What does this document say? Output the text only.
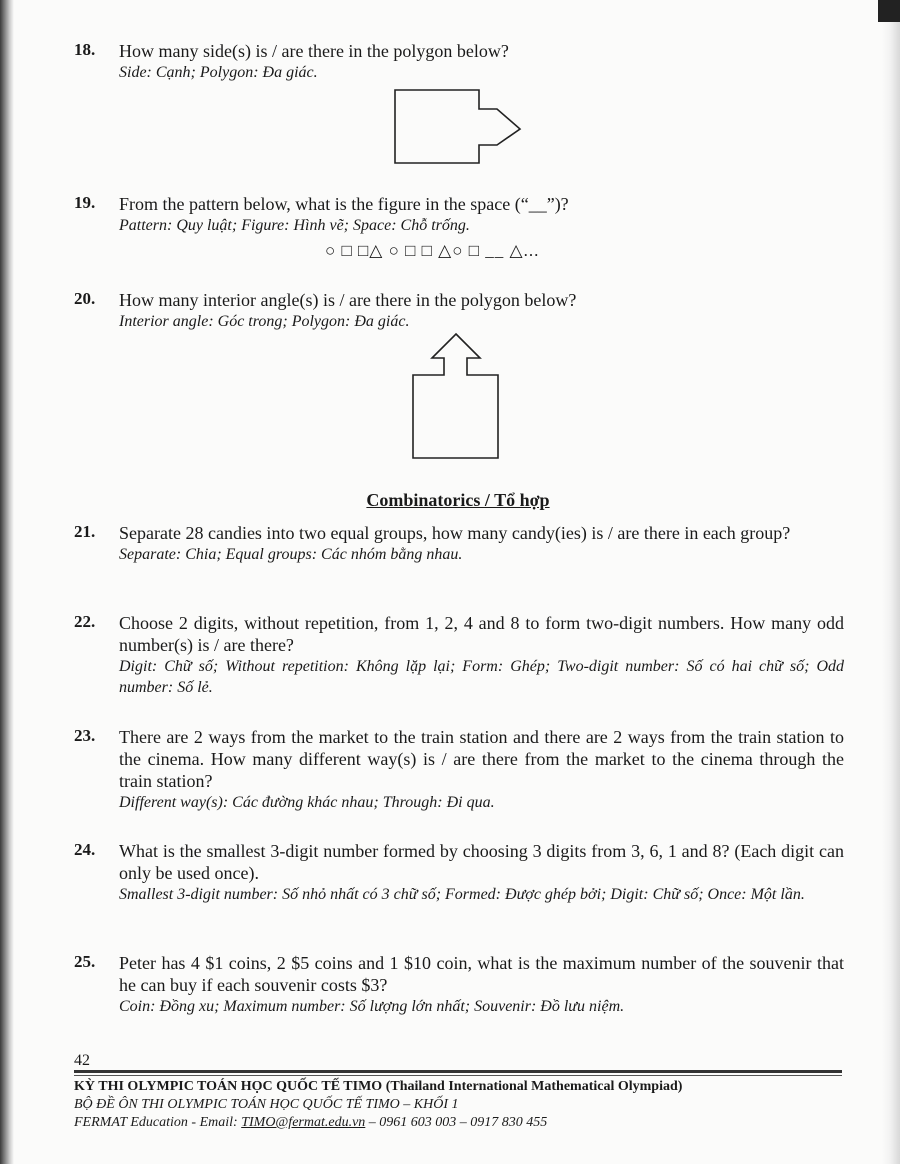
18. How many side(s) is / are there in the polygon below?
Side: Cạnh; Polygon: Đa giác.
19. From the pattern below, what is the figure in the space (“__”)?
Pattern: Quy luật; Figure: Hình vẽ; Space: Chỗ trống.
○ □ □△ ○ □ □ △○ □ __ △...
20. How many interior angle(s) is / are there in the polygon below?
Interior angle: Góc trong; Polygon: Đa giác.
Combinatorics / Tổ hợp
21. Separate 28 candies into two equal groups, how many candy(ies) is / are there in each group?
Separate: Chia; Equal groups: Các nhóm bằng nhau.
22. Choose 2 digits, without repetition, from 1, 2, 4 and 8 to form two-digit numbers. How many odd number(s) is / are there?
Digit: Chữ số; Without repetition: Không lặp lại; Form: Ghép; Two-digit number: Số có hai chữ số; Odd number: Số lẻ.
23. There are 2 ways from the market to the train station and there are 2 ways from the train station to the cinema. How many different way(s) is / are there from the market to the cinema through the train station?
Different way(s): Các đường khác nhau; Through: Đi qua.
24. What is the smallest 3-digit number formed by choosing 3 digits from 3, 6, 1 and 8? (Each digit can only be used once).
Smallest 3-digit number: Số nhỏ nhất có 3 chữ số; Formed: Được ghép bởi; Digit: Chữ số; Once: Một lần.
25. Peter has 4 $1 coins, 2 $5 coins and 1 $10 coin, what is the maximum number of the souvenir that he can buy if each souvenir costs $3?
Coin: Đồng xu; Maximum number: Số lượng lớn nhất; Souvenir: Đồ lưu niệm.
42
KỲ THI OLYMPIC TOÁN HỌC QUỐC TẾ TIMO (Thailand International Mathematical Olympiad)
BỘ ĐỀ ÔN THI OLYMPIC TOÁN HỌC QUỐC TẾ TIMO – KHỐI 1
FERMAT Education - Email: TIMO@fermat.edu.vn – 0961 603 003 – 0917 830 455
